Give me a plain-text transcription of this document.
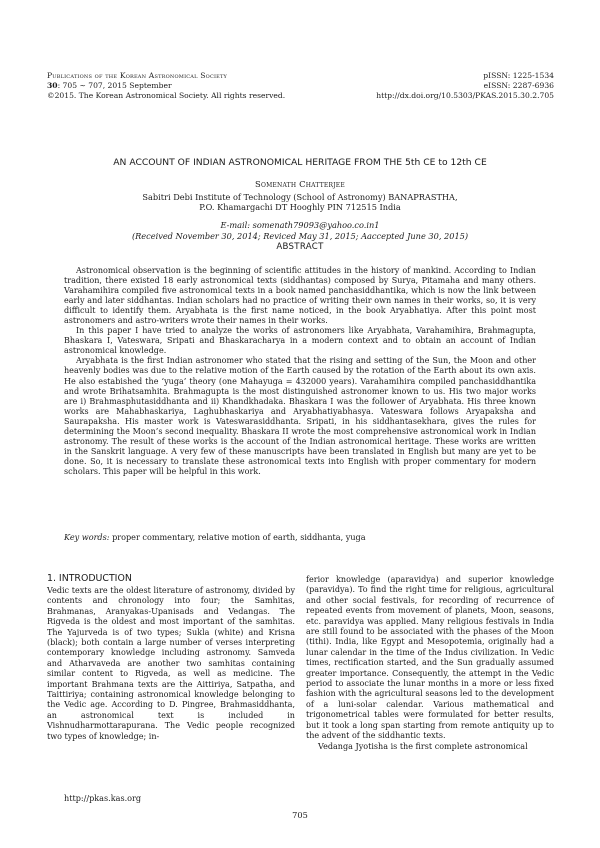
Publications of the Korean Astronomical Society
30: 705 ∼ 707, 2015 September
©2015. The Korean Astronomical Society. All rights reserved.
pISSN: 1225-1534
eISSN: 2287-6936
http://dx.doi.org/10.5303/PKAS.2015.30.2.705
AN ACCOUNT OF INDIAN ASTRONOMICAL HERITAGE FROM THE 5th CE to 12th CE
Somenath Chatterjee
Sabitri Debi Institute of Technology (School of Astronomy) BANAPRASTHA,
P.O. Khamargachi DT Hooghly PIN 712515 India
E-mail: somenath79093@yahoo.co.in1
(Received November 30, 2014; Reviced May 31, 2015; Aaccepted June 30, 2015)
ABSTRACT

Astronomical observation is the beginning of scientific attitudes in the history of mankind. According to Indian tradition, there existed 18 early astronomical texts (siddhantas) composed by Surya, Pitamaha and many others. Varahamihira compiled five astronomical texts in a book named panchasiddhantika, which is now the link between early and later siddhantas. Indian scholars had no practice of writing their own names in their works, so, it is very difficult to identify them. Aryabhata is the first name noticed, in the book Aryabhatiya. After this point most astronomers and astro-writers wrote their names in their works.

In this paper I have tried to analyze the works of astronomers like Aryabhata, Varahamihira, Brahmagupta, Bhaskara I, Vateswara, Sripati and Bhaskaracharya in a modern context and to obtain an account of Indian astronomical knowledge.

Aryabhata is the first Indian astronomer who stated that the rising and setting of the Sun, the Moon and other heavenly bodies was due to the relative motion of the Earth caused by the rotation of the Earth about its own axis. He also estabished the ‘yuga’ theory (one Mahayuga = 432000 years). Varahamihira compiled panchasiddhantika and wrote Brihatsamhita. Brahmagupta is the most distinguished astronomer known to us. His two major works are i) Brahmasphutasiddhanta and ii) Khandkhadaka. Bhaskara I was the follower of Aryabhata. His three known works are Mahabhaskariya, Laghubhaskariya and Aryabhatiyabhasya. Vateswara follows Aryapaksha and Saurapaksha. His master work is Vateswarasiddhanta. Sripati, in his siddhantasekhara, gives the rules for determining the Moon’s second inequality. Bhaskara II wrote the most comprehensive astronomical work in Indian astronomy. The result of these works is the account of the Indian astronomical heritage. These works are written in the Sanskrit language. A very few of these manuscripts have been translated in English but many are yet to be done. So, it is necessary to translate these astronomical texts into English with proper commentary for modern scholars. This paper will be helpful in this work.

Key words: proper commentary, relative motion of earth, siddhanta, yuga
1. INTRODUCTION

Vedic texts are the oldest literature of astronomy, divided by contents and chronology into four; the Samhitas, Brahmanas, Aranyakas-Upanisads and Vedangas. The Rigveda is the oldest and most important of the samhitas. The Yajurveda is of two types; Sukla (white) and Krisna (black); both contain a large number of verses interpreting contemporary knowledge including astronomy. Samveda and Atharvaveda are another two samhitas containing similar content to Rigveda, as well as medicine. The important Brahmana texts are the Aittiriya, Satpatha, and Taittiriya; containing astronomical knowledge belonging to the Vedic age. According to D. Pingree, Brahmasiddhanta, an astronomical text is included in Vishnudharmottarapurana. The Vedic people recognized two types of knowledge; in-

ferior knowledge (aparavidya) and superior knowledge (paravidya). To find the right time for religious, agricultural and other social festivals, for recording of recurrence of repeated events from movement of planets, Moon, seasons, etc. paravidya was applied. Many religious festivals in India are still found to be associated with the phases of the Moon (tithi). India, like Egypt and Mesopotemia, originally had a lunar calendar in the time of the Indus civilization. In Vedic times, rectification started, and the Sun gradually assumed greater importance. Consequently, the attempt in the Vedic period to associate the lunar months in a more or less fixed fashion with the agricultural seasons led to the development of a luni-solar calendar. Various mathematical and trigonometrical tables were formulated for better results, but it took a long span starting from remote antiquity up to the advent of the siddhantic texts.

Vedanga Jyotisha is the first complete astronomical

http://pkas.kas.org
705
